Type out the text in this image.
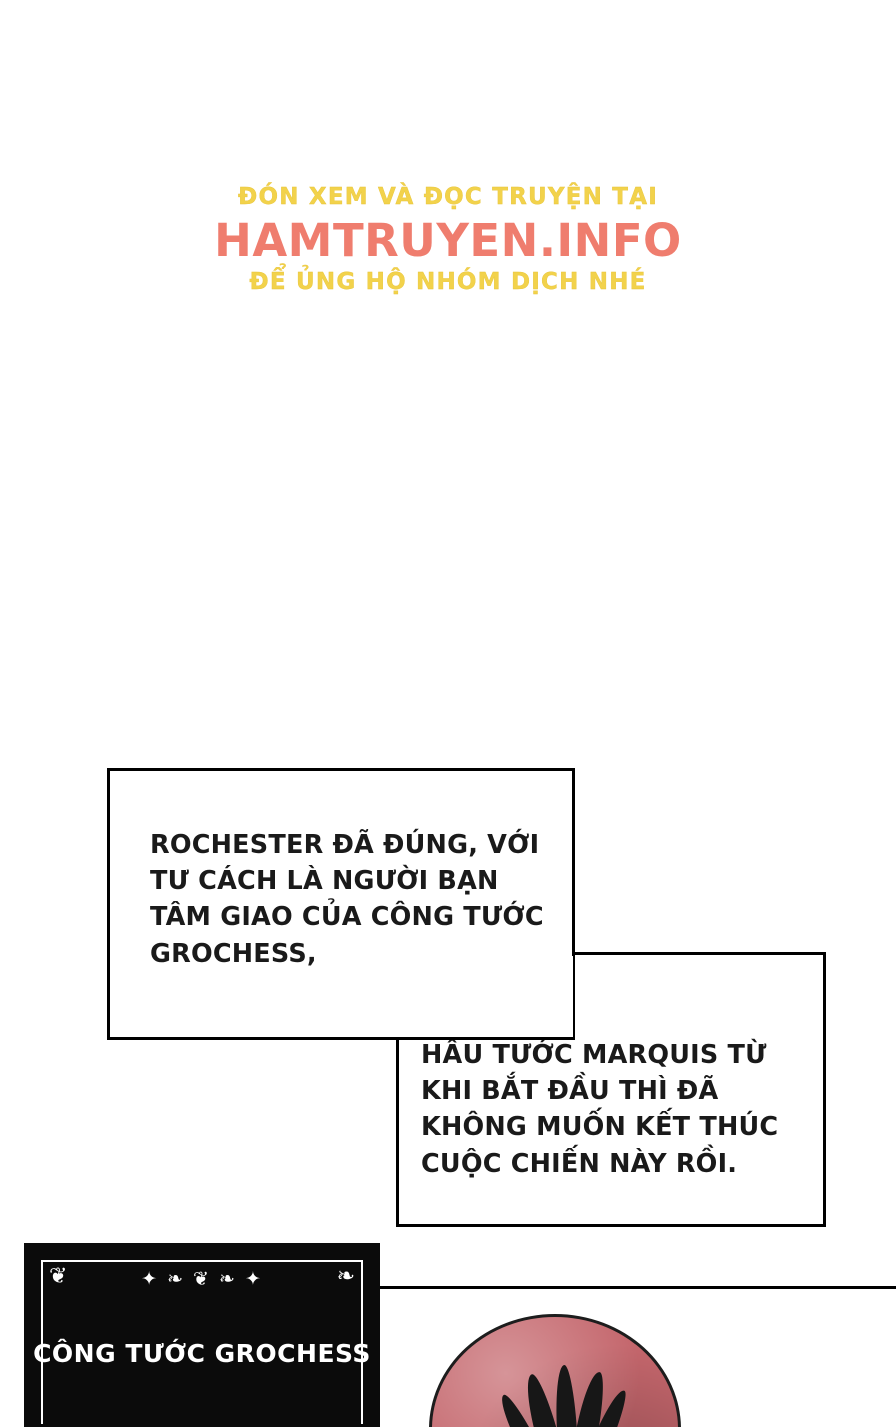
ĐÓN XEM VÀ ĐỌC TRUYỆN TẠI
HAMTRUYEN.INFO
ĐỂ ỦNG HỘ NHÓM DỊCH NHÉ
HẦU TƯỚC MARQUIS TỪ KHI BẮT ĐẦU THÌ ĐÃ KHÔNG MUỐN KẾT THÚC CUỘC CHIẾN NÀY RỒI.
ROCHESTER ĐÃ ĐÚNG, VỚI TƯ CÁCH LÀ NGƯỜI BẠN TÂM GIAO CỦA CÔNG TƯỚC GROCHESS,
✦ ❧ ❦ ❧ ✦
❦	❧
CÔNG TƯỚC GROCHESS
